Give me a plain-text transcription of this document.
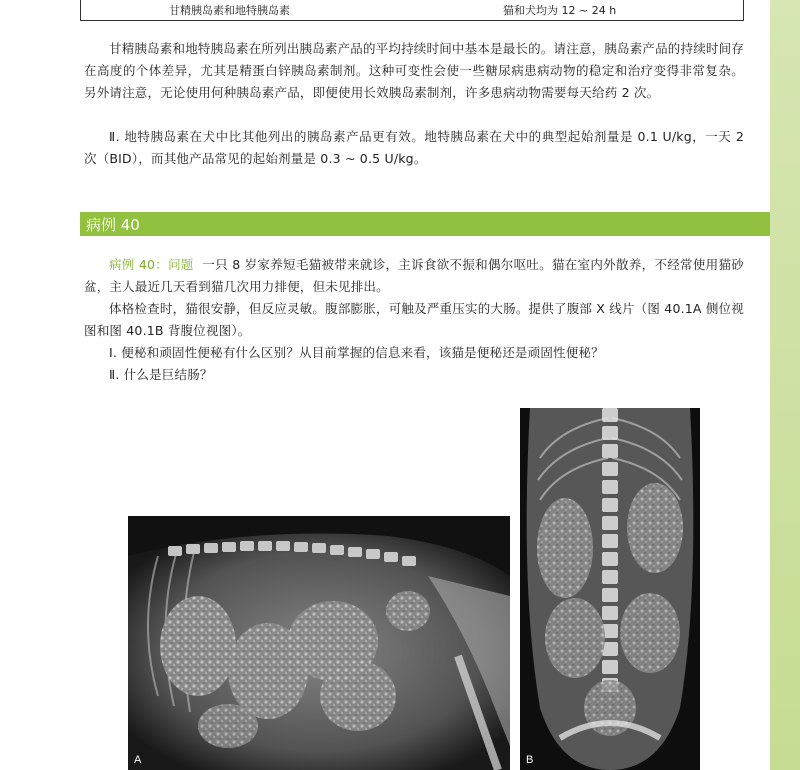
甘精胰岛素和地特胰岛素	猫和犬均为 12 ~ 24 h

甘精胰岛素和地特胰岛素在所列出胰岛素产品的平均持续时间中基本是最长的。请注意，胰岛素产品的持续时间存在高度的个体差异，尤其是精蛋白锌胰岛素制剂。这种可变性会使一些糖尿病患病动物的稳定和治疗变得非常复杂。另外请注意，无论使用何种胰岛素产品，即便使用长效胰岛素制剂，许多患病动物需要每天给药 2 次。

Ⅱ. 地特胰岛素在犬中比其他列出的胰岛素产品更有效。地特胰岛素在犬中的典型起始剂量是 0.1 U/kg，一天 2 次（BID），而其他产品常见的起始剂量是 0.3 ~ 0.5 U/kg。

病例 40

病例 40：问题 一只 8 岁家养短毛猫被带来就诊，主诉食欲不振和偶尔呕吐。猫在室内外散养，不经常使用猫砂盆，主人最近几天看到猫几次用力排便，但未见排出。

体格检查时，猫很安静，但反应灵敏。腹部膨胀，可触及严重压实的大肠。提供了腹部 X 线片（图 40.1A 侧位视图和图 40.1B 背腹位视图）。

Ⅰ. 便秘和顽固性便秘有什么区别？从目前掌握的信息来看，该猫是便秘还是顽固性便秘？

Ⅱ. 什么是巨结肠？

A	B
